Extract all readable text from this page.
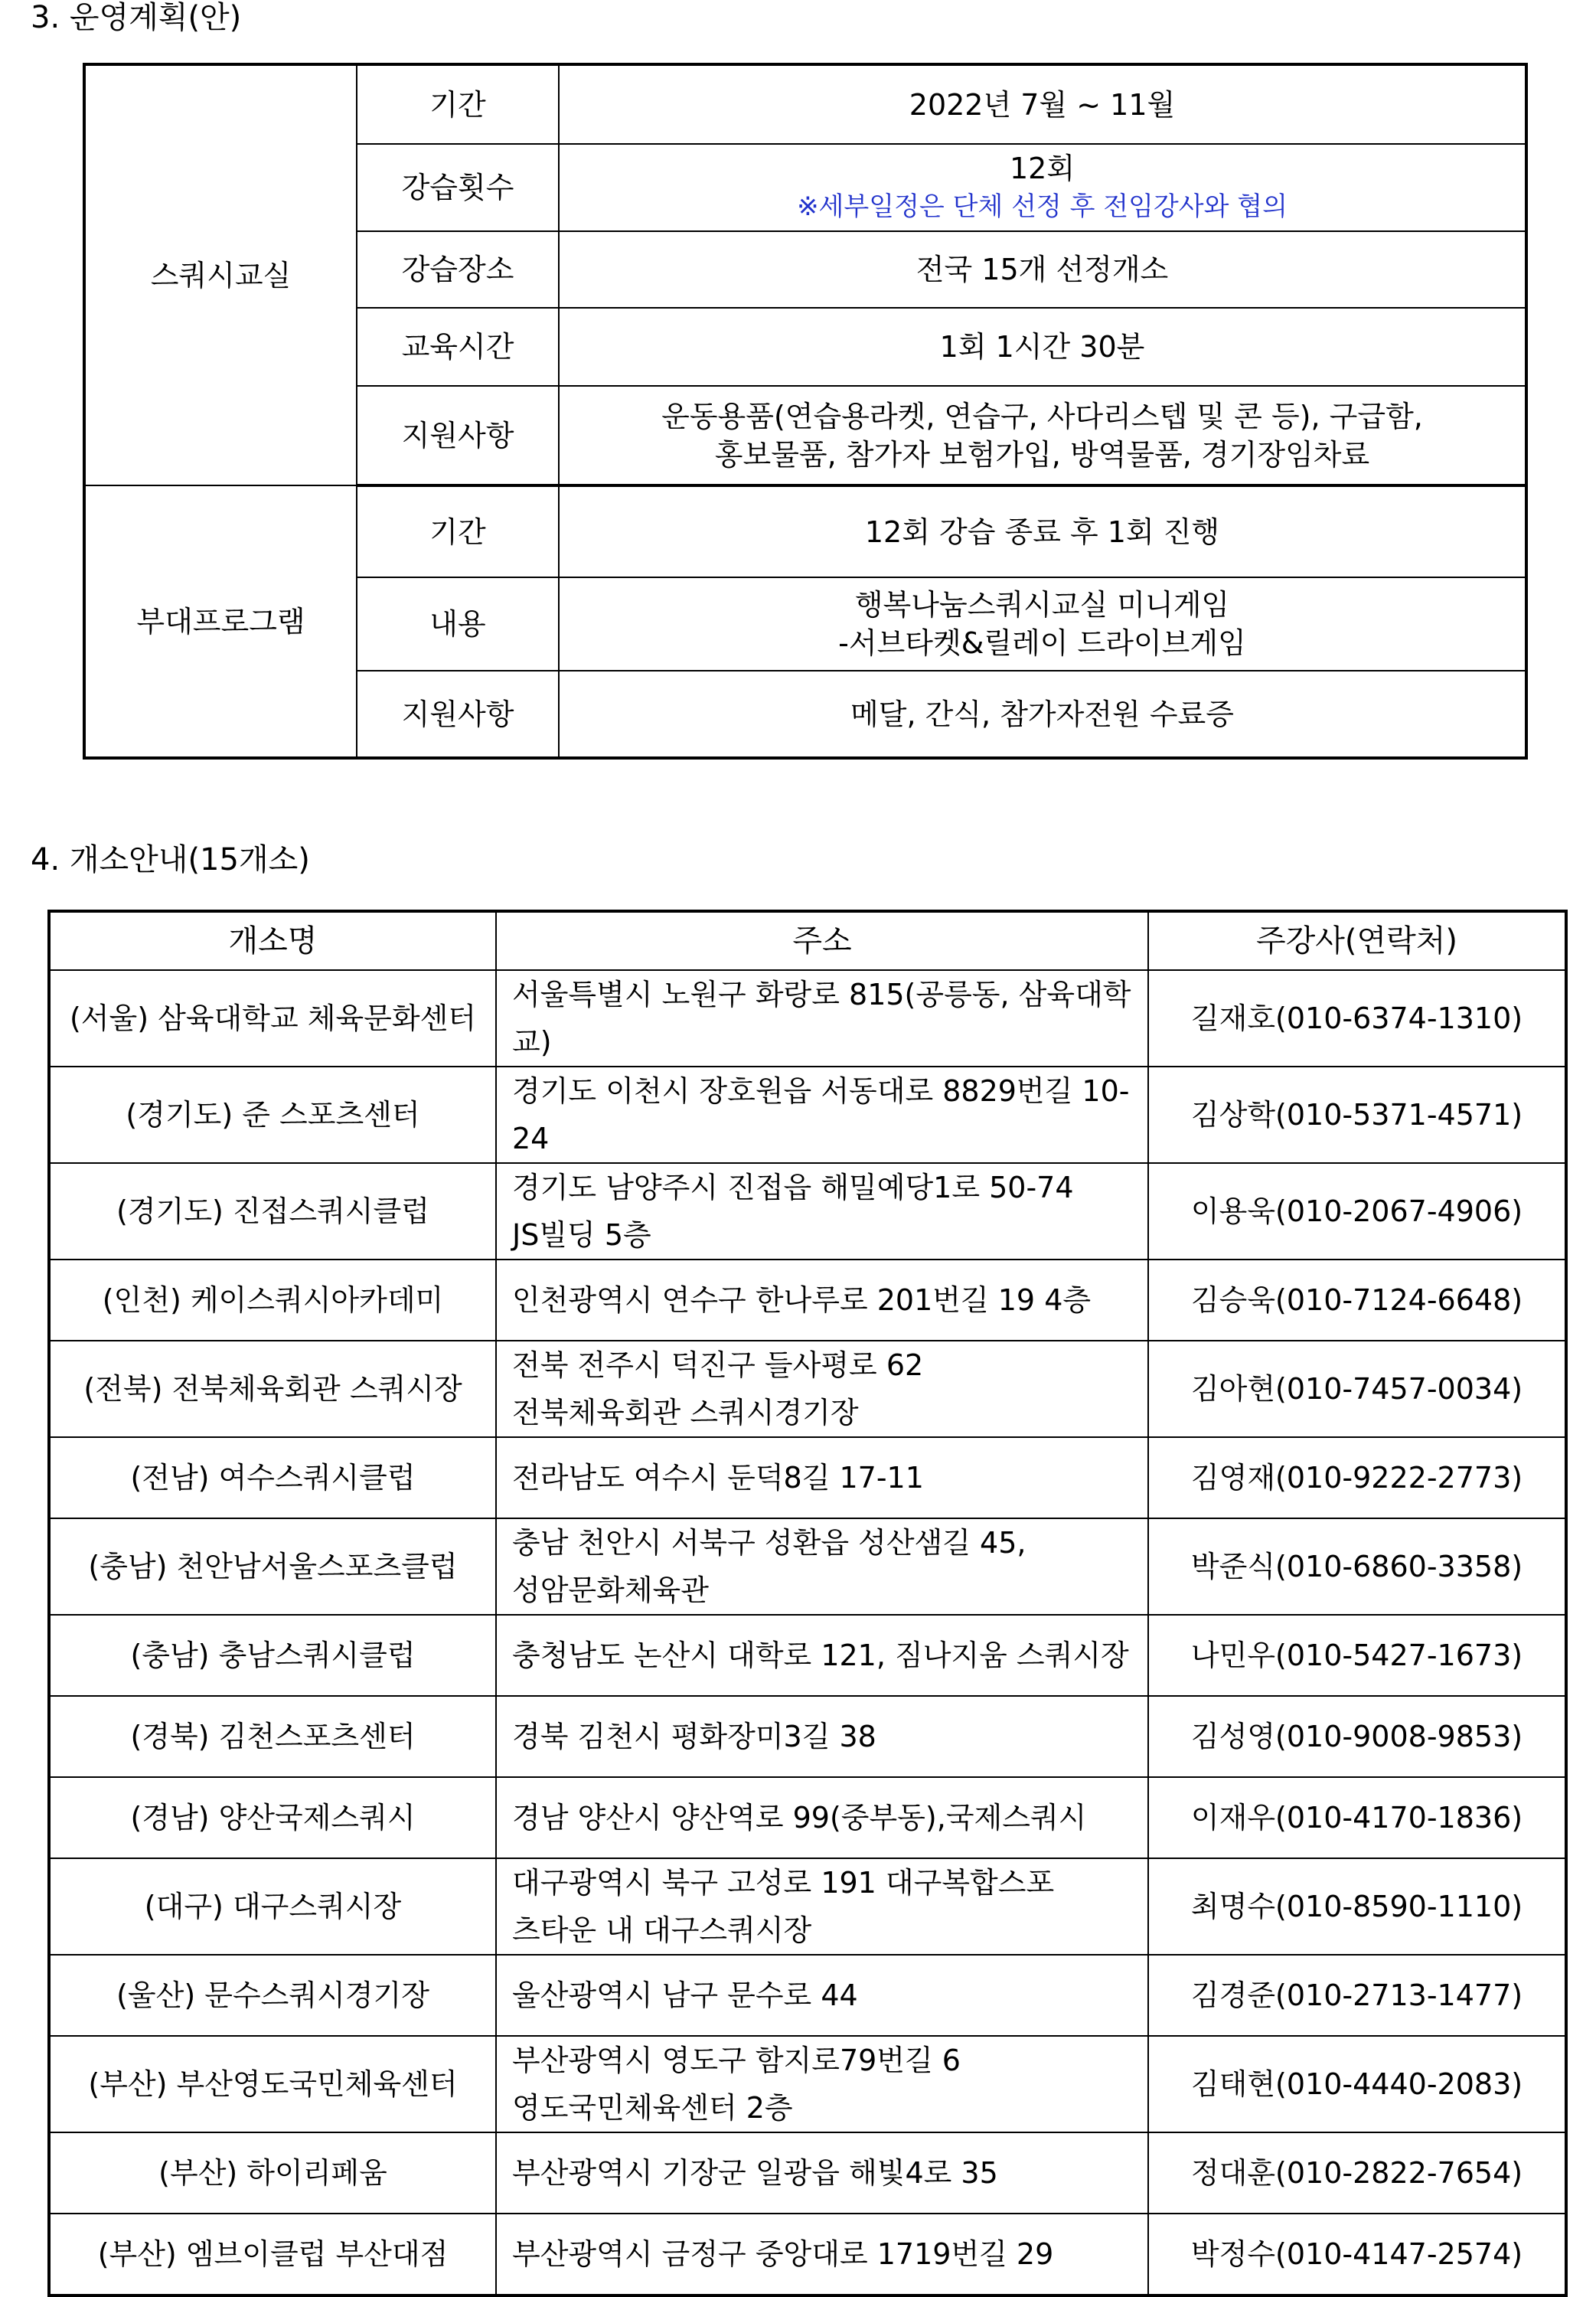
3. 운영계획(안)
스쿼시교실	기간	2022년 7월 ~ 11월
	강습횟수	12회
※세부일정은 단체 선정 후 전임강사와 협의

	강습장소	전국 15개 선정개소
	교육시간	1회 1시간 30분
	지원사항	운동용품(연습용라켓, 연습구, 사다리스텝 및 콘 등), 구급함,
홍보물품, 참가자 보험가입, 방역물품, 경기장임차료

부대프로그램	기간	12회 강습 종료 후 1회 진행
	내용	행복나눔스쿼시교실 미니게임
-서브타켓&릴레이 드라이브게임

	지원사항	메달, 간식, 참가자전원 수료증
4. 개소안내(15개소)
개소명	주소	주강사(연락처)
(서울) 삼육대학교 체육문화센터	서울특별시 노원구 화랑로 815(공릉동, 삼육대학교)	길재호(010-6374-1310)
(경기도) 준 스포츠센터	경기도 이천시 장호원읍 서동대로 8829번길 10-24	김상학(010-5371-4571)
(경기도) 진접스쿼시클럽	경기도 남양주시 진접읍 해밀예당1로 50-74
JS빌딩 5층	이용욱(010-2067-4906)
(인천) 케이스쿼시아카데미	인천광역시 연수구 한나루로 201번길 19 4층	김승욱(010-7124-6648)
(전북) 전북체육회관 스쿼시장	전북 전주시 덕진구 들사평로 62
전북체육회관 스쿼시경기장	김아현(010-7457-0034)
(전남) 여수스쿼시클럽	전라남도 여수시 둔덕8길 17-11	김영재(010-9222-2773)
(충남) 천안남서울스포츠클럽	충남 천안시 서북구 성환읍 성산샘길 45,
성암문화체육관	박준식(010-6860-3358)
(충남) 충남스쿼시클럽	충청남도 논산시 대학로 121, 짐나지움 스쿼시장	나민우(010-5427-1673)
(경북) 김천스포츠센터	경북 김천시 평화장미3길 38	김성영(010-9008-9853)
(경남) 양산국제스쿼시	경남 양산시 양산역로 99(중부동),국제스쿼시	이재우(010-4170-1836)
(대구) 대구스쿼시장	대구광역시 북구 고성로 191 대구복합스포
츠타운 내 대구스쿼시장	최명수(010-8590-1110)
(울산) 문수스쿼시경기장	울산광역시 남구 문수로 44	김경준(010-2713-1477)
(부산) 부산영도국민체육센터	부산광역시 영도구 함지로79번길 6
영도국민체육센터 2층	김태현(010-4440-2083)
(부산) 하이리페움	부산광역시 기장군 일광읍 해빛4로 35	정대훈(010-2822-7654)
(부산) 엠브이클럽 부산대점	부산광역시 금정구 중앙대로 1719번길 29	박정수(010-4147-2574)
